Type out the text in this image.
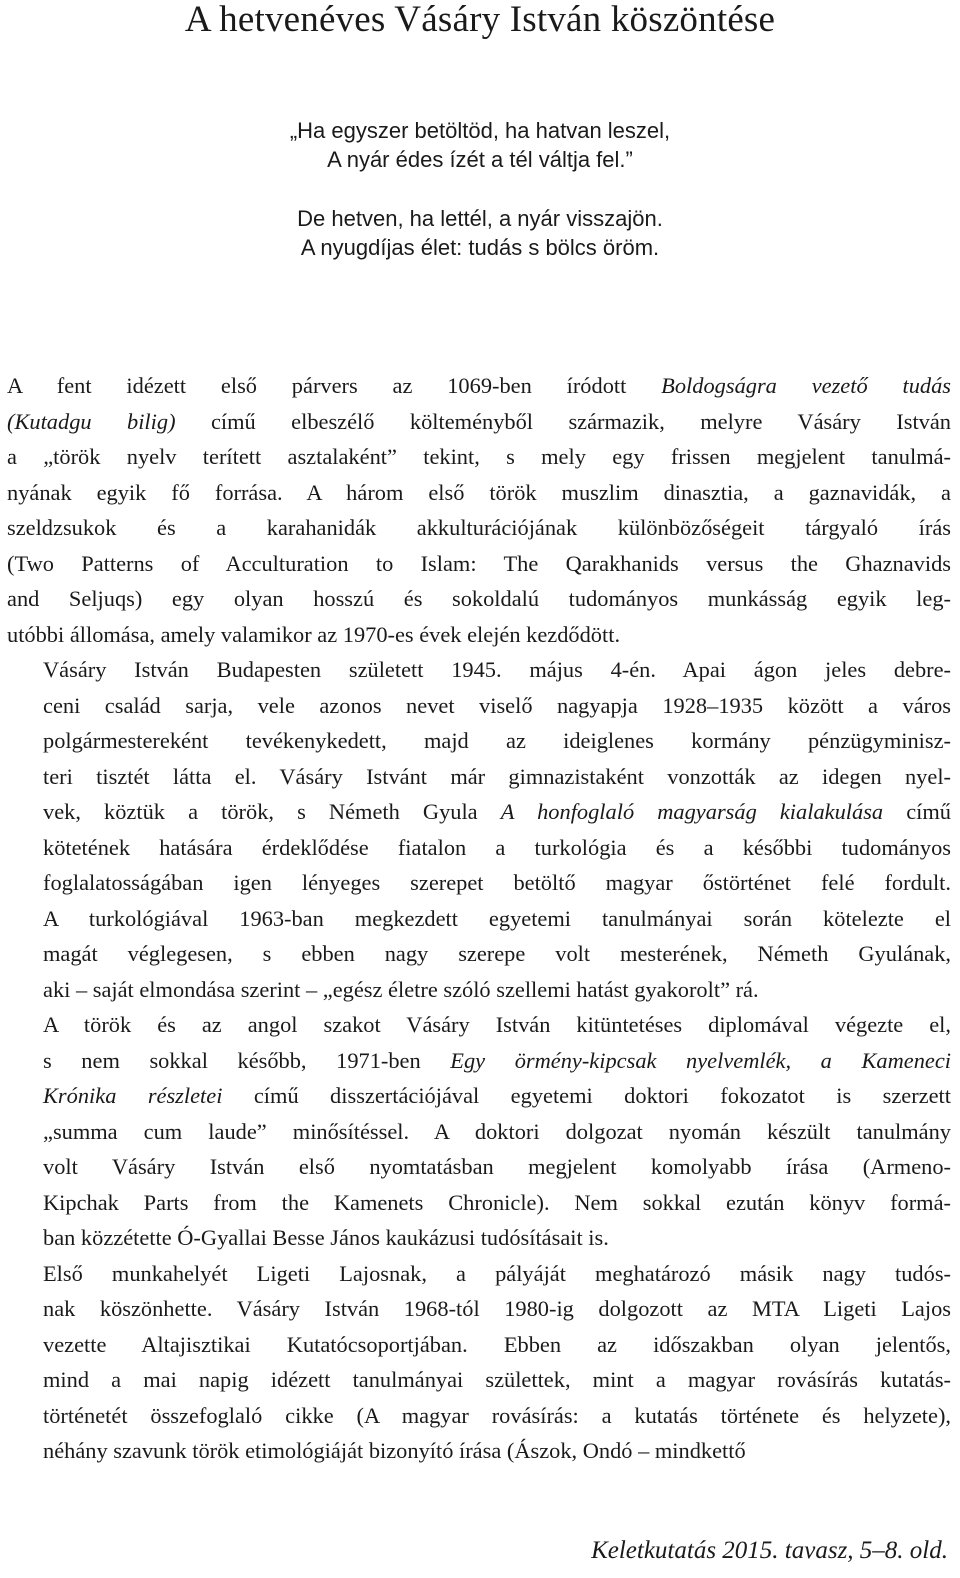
A hetvenéves Vásáry István köszöntése
„Ha egyszer betöltöd, ha hatvan leszel,
A nyár édes ízét a tél váltja fel.”
De hetven, ha lettél, a nyár visszajön.
A nyugdíjas élet: tudás s bölcs öröm.

A fent idézett első párvers az 1069-ben íródott Boldogságra vezető tudás
(Kutadgu bilig) című elbeszélő költeményből származik, melyre Vásáry István
a „török nyelv terített asztalaként” tekint, s mely egy frissen megjelent tanulmá-
nyának egyik fő forrása. A három első török muszlim dinasztia, a gaznavidák, a
szeldzsukok és a karahanidák akkulturációjának különbözőségeit tárgyaló írás
(Two Patterns of Acculturation to Islam: The Qarakhanids versus the Ghaznavids
and Seljuqs) egy olyan hosszú és sokoldalú tudományos munkásság egyik leg-
utóbbi állomása, amely valamikor az 1970-es évek elején kezdődött.

Vásáry István Budapesten született 1945. május 4-én. Apai ágon jeles debre-
ceni család sarja, vele azonos nevet viselő nagyapja 1928–1935 között a város
polgármestereként tevékenykedett, majd az ideiglenes kormány pénzügyminisz-
teri tisztét látta el. Vásáry Istvánt már gimnazistaként vonzották az idegen nyel-
vek, köztük a török, s Németh Gyula A honfoglaló magyarság kialakulása című
kötetének hatására érdeklődése fiatalon a turkológia és a későbbi tudományos
foglalatosságában igen lényeges szerepet betöltő magyar őstörténet felé fordult.
A turkológiával 1963-ban megkezdett egyetemi tanulmányai során kötelezte el
magát véglegesen, s ebben nagy szerepe volt mesterének, Németh Gyulának,
aki – saját elmondása szerint – „egész életre szóló szellemi hatást gyakorolt” rá.

A török és az angol szakot Vásáry István kitüntetéses diplomával végezte el,
s nem sokkal később, 1971-ben Egy örmény-kipcsak nyelvemlék, a Kameneci
Krónika részletei című disszertációjával egyetemi doktori fokozatot is szerzett
„summa cum laude” minősítéssel. A doktori dolgozat nyomán készült tanulmány
volt Vásáry István első nyomtatásban megjelent komolyabb írása (Armeno-
Kipchak Parts from the Kamenets Chronicle). Nem sokkal ezután könyv formá-
ban közzétette Ó-Gyallai Besse János kaukázusi tudósításait is.

Első munkahelyét Ligeti Lajosnak, a pályáját meghatározó másik nagy tudós-
nak köszönhette. Vásáry István 1968-tól 1980-ig dolgozott az MTA Ligeti Lajos
vezette Altajisztikai Kutatócsoportjában. Ebben az időszakban olyan jelentős,
mind a mai napig idézett tanulmányai születtek, mint a magyar rovásírás kutatás-
történetét összefoglaló cikke (A magyar rovásírás: a kutatás története és helyzete),
néhány szavunk török etimológiáját bizonyító írása (Ászok, Ondó – mindkettő

Keletkutatás 2015. tavasz, 5–8. old.
